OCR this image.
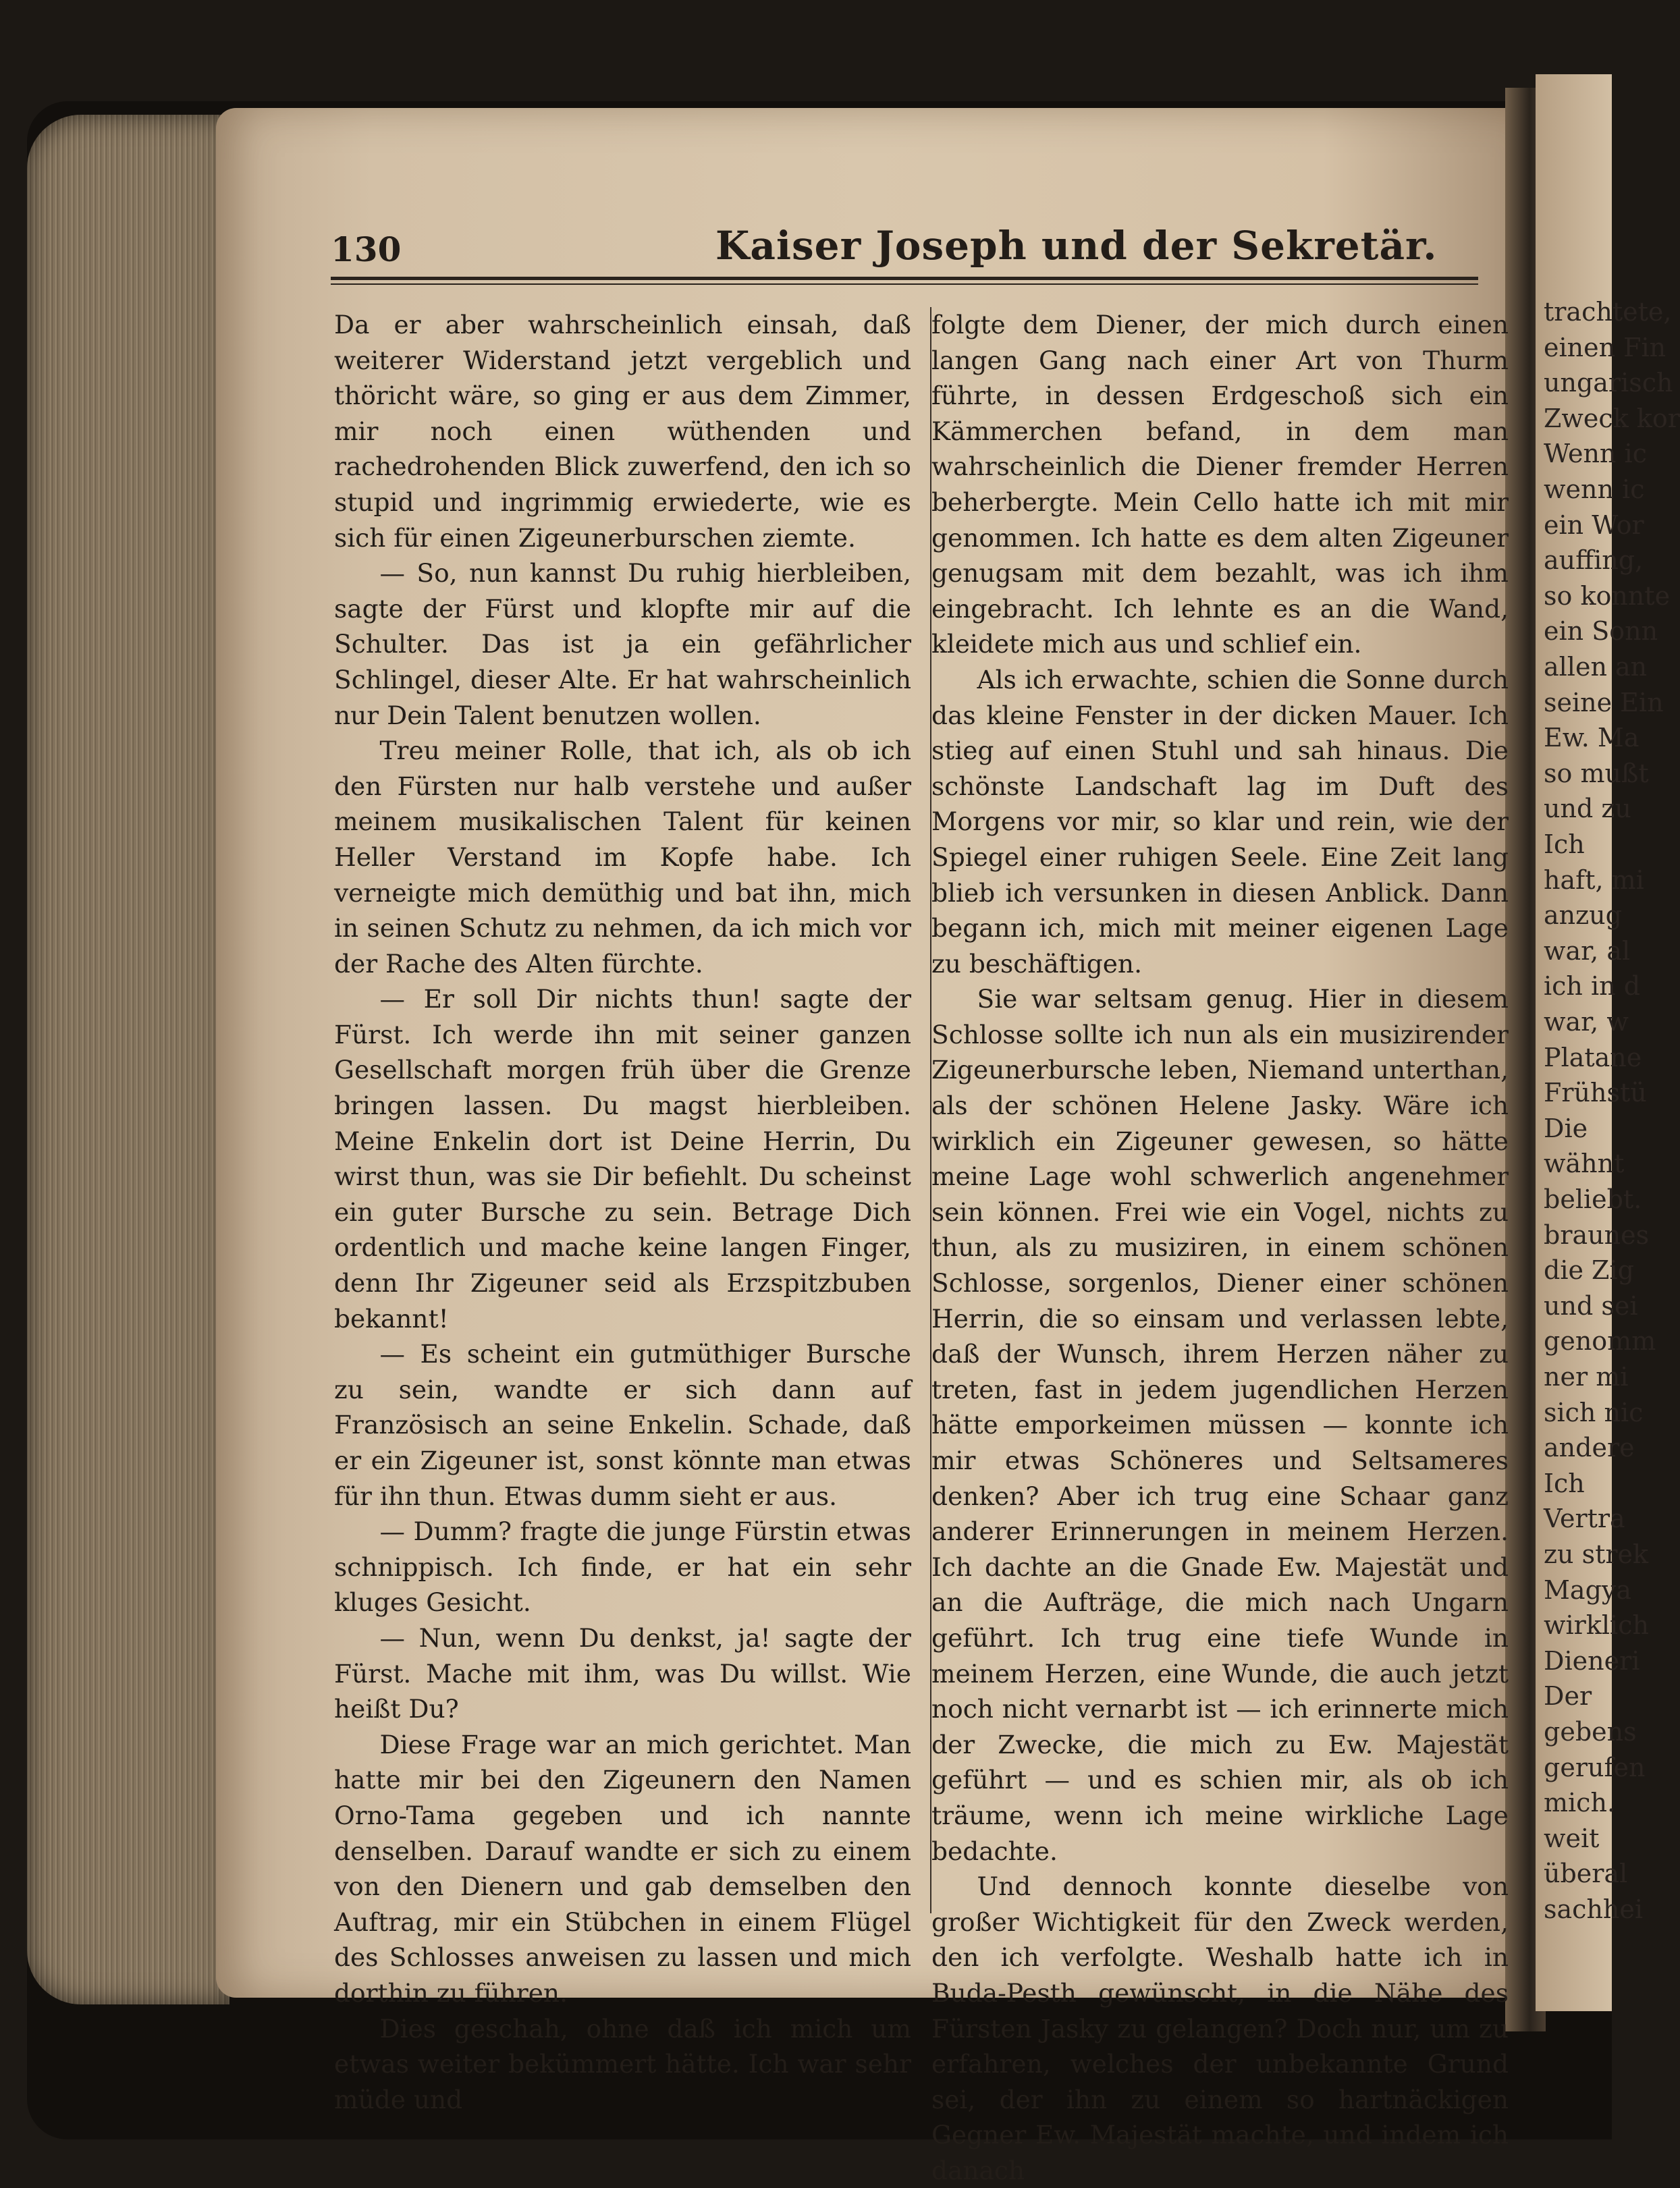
trachtete,
einen Fin
ungarisch
Zweck kor
Wenn ic
wenn ic
ein Wor
auffing,
so konnte
ein Sonn
allen an
seine Ein
Ew. Ma
so mußt
und zu
Ich
haft, mi
anzug
war, al
ich in d
war, w
Platane
Frühstü
Die
wähnt
beliebt.
braunes
die Zig
und sei
genomm
ner mi
sich nic
andere
Ich
Vertra
zu strek
Magya
wirklich
Dieneri
Der
gebens
gerufen
mich.
weit
überal
sachhei
130	Kaiser Joseph und der Sekretär.

Da er aber wahrscheinlich einsah, daß weiterer Widerstand jetzt vergeblich und thöricht wäre, so ging er aus dem Zimmer, mir noch einen wüthenden und rachedrohenden Blick zuwerfend, den ich so stupid und ingrimmig erwiederte, wie es sich für einen Zigeunerburschen ziemte.

— So, nun kannst Du ruhig hierbleiben, sagte der Fürst und klopfte mir auf die Schulter. Das ist ja ein gefährlicher Schlingel, dieser Alte. Er hat wahrscheinlich nur Dein Talent benutzen wollen.

Treu meiner Rolle, that ich, als ob ich den Fürsten nur halb verstehe und außer meinem musikalischen Talent für keinen Heller Verstand im Kopfe habe. Ich verneigte mich demüthig und bat ihn, mich in seinen Schutz zu nehmen, da ich mich vor der Rache des Alten fürchte.

— Er soll Dir nichts thun! sagte der Fürst. Ich werde ihn mit seiner ganzen Gesellschaft morgen früh über die Grenze bringen lassen. Du magst hierbleiben. Meine Enkelin dort ist Deine Herrin, Du wirst thun, was sie Dir befiehlt. Du scheinst ein guter Bursche zu sein. Betrage Dich ordentlich und mache keine langen Finger, denn Ihr Zigeuner seid als Erzspitzbuben bekannt!

— Es scheint ein gutmüthiger Bursche zu sein, wandte er sich dann auf Französisch an seine Enkelin. Schade, daß er ein Zigeuner ist, sonst könnte man etwas für ihn thun. Etwas dumm sieht er aus.

— Dumm? fragte die junge Fürstin etwas schnippisch. Ich finde, er hat ein sehr kluges Gesicht.

— Nun, wenn Du denkst, ja! sagte der Fürst. Mache mit ihm, was Du willst. Wie heißt Du?

Diese Frage war an mich gerichtet. Man hatte mir bei den Zigeunern den Namen Orno-Tama gegeben und ich nannte denselben. Darauf wandte er sich zu einem von den Dienern und gab demselben den Auftrag, mir ein Stübchen in einem Flügel des Schlosses anweisen zu lassen und mich dorthin zu führen.

Dies geschah, ohne daß ich mich um etwas weiter bekümmert hätte. Ich war sehr müde und

folgte dem Diener, der mich durch einen langen Gang nach einer Art von Thurm führte, in dessen Erdgeschoß sich ein Kämmerchen befand, in dem man wahrscheinlich die Diener fremder Herren beherbergte. Mein Cello hatte ich mit mir genommen. Ich hatte es dem alten Zigeuner genugsam mit dem bezahlt, was ich ihm eingebracht. Ich lehnte es an die Wand, kleidete mich aus und schlief ein.

Als ich erwachte, schien die Sonne durch das kleine Fenster in der dicken Mauer. Ich stieg auf einen Stuhl und sah hinaus. Die schönste Landschaft lag im Duft des Morgens vor mir, so klar und rein, wie der Spiegel einer ruhigen Seele. Eine Zeit lang blieb ich versunken in diesen Anblick. Dann begann ich, mich mit meiner eigenen Lage zu beschäftigen.

Sie war seltsam genug. Hier in diesem Schlosse sollte ich nun als ein musizirender Zigeunerbursche leben, Niemand unterthan, als der schönen Helene Jasky. Wäre ich wirklich ein Zigeuner gewesen, so hätte meine Lage wohl schwerlich angenehmer sein können. Frei wie ein Vogel, nichts zu thun, als zu musiziren, in einem schönen Schlosse, sorgenlos, Diener einer schönen Herrin, die so einsam und verlassen lebte, daß der Wunsch, ihrem Herzen näher zu treten, fast in jedem jugendlichen Herzen hätte emporkeimen müssen — konnte ich mir etwas Schöneres und Seltsameres denken? Aber ich trug eine Schaar ganz anderer Erinnerungen in meinem Herzen. Ich dachte an die Gnade Ew. Majestät und an die Aufträge, die mich nach Ungarn geführt. Ich trug eine tiefe Wunde in meinem Herzen, eine Wunde, die auch jetzt noch nicht vernarbt ist — ich erinnerte mich der Zwecke, die mich zu Ew. Majestät geführt — und es schien mir, als ob ich träume, wenn ich meine wirkliche Lage bedachte.

Und dennoch konnte dieselbe von großer Wichtigkeit für den Zweck werden, den ich verfolgte. Weshalb hatte ich in Buda-Pesth gewünscht, in die Nähe des Fürsten Jasky zu gelangen? Doch nur, um zu erfahren, welches der unbekannte Grund sei, der ihn zu einem so hartnäckigen Gegner Ew. Majestät machte, und indem ich danach
